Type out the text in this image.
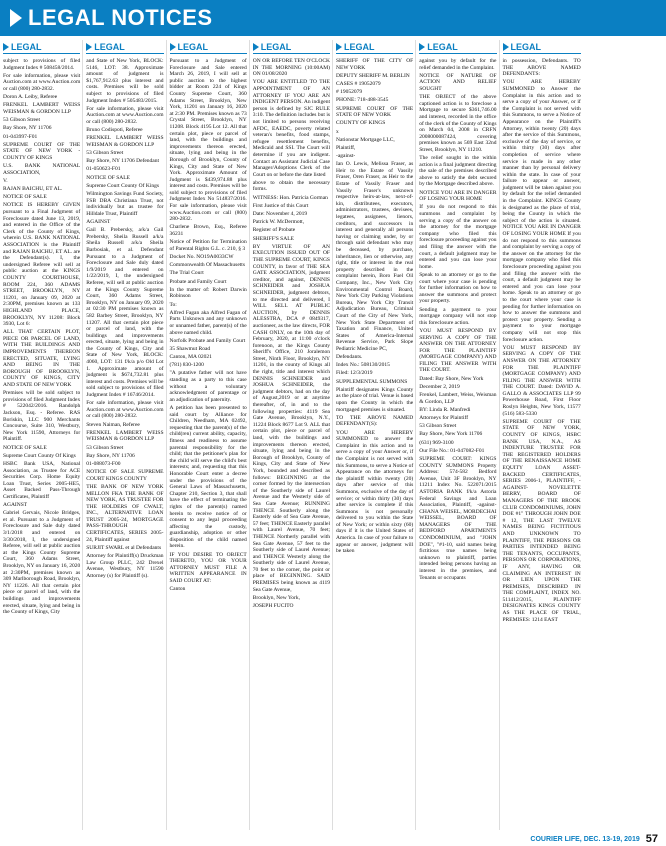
LEGAL NOTICES
LEGAL

subject to provisions of filed Judgment Index # 508458/2014.

For sale information, please visit Auction.com at www.Auction.com or call (800) 280-2832.

Doron A. Leiby, Referee

FRENKEL LAMBERT WEISS WEISMAN & GORDON LLP

53 Gibson Street

Bay Shore, NY 11706

01-043997-F01

SUPREME COURT OF THE STATE OF NEW YORK - COUNTY OF KINGS

U.S. BANK NATIONAL ASSOCIATION,

V.

RAJAN BAICHU, ET AL.

NOTICE OF SALE

NOTICE IS HEREBY GIVEN pursuant to a Final Judgment of Foreclosure dated June 13, 2019, and entered in the Office of the Clerk of the County of Kings, wherein U.S. BANK NATIONAL ASSOCIATION is the Plaintiff and RAJAN BAICHU, ET AL. are the Defendant(s). I, the undersigned Referee will sell at public auction at the KINGS COUNTY COURTHOUSE, ROOM 224, 360 ADAMS STREET, BROOKLYN, NY 11201, on January 09, 2020 at 2:30PM, premises known as 133 HIGHLAND PLACE, BROOKLYN, NY 11208: Block 3930, Lot 6:

ALL THAT CERTAIN PLOT, PIECE OR PARCEL OF LAND, WITH THE BUILDINGS AND IMPROVEMENTS THEREON ERECTED, SITUATE, LYING AND BEING IN THE BOROUGH OF BROOKLYN, COUNTY OF KINGS, CITY AND STATE OF NEW YORK

Premises will be sold subject to provisions of filed Judgment Index # 522042/2016. Randolph Jackson, Esq. - Referee. RAS Boriskin, LLC 900 Merchants Concourse, Suite 310, Westbury, New York 11590, Attorneys for Plaintiff.

NOTICE OF SALE

Supreme Court County Of Kings

HSBC Bank USA, National Association, as Trustee for ACE Securities Corp. Home Equity Loan Trust, Series 2005-HE5, Asset Backed Pass-Through Certificates, Plaintiff

AGAINST

Gabriel Gervais, Nicole Bridges, et al. Pursuant to a Judgment of Foreclosure and Sale duly dated 3/1/2018 and entered on 3/30/2018, I, the undersigned Referee, will sell at public auction at the Kings County Supreme Court, 360 Adams Street, Brooklyn, NY on January 16, 2020 at 2:30PM, premises known as 309 Marlborough Road, Brooklyn, NY 11226. All that certain plot piece or parcel of land, with the buildings and improvements erected, situate, lying and being in the County of Kings, City

LEGAL

and State of New York, BLOCK: 5146, LOT: 38. Approximate amount of judgment is $1,767,912.63 plus interest and costs. Premises will be sold subject to provisions of filed Judgment Index # 505483/2015.

For sale information, please visit Auction.com at www.Auction.com or call (800) 280-2832.

Bruno Codispoti, Referee

FRENKEL LAMBERT WEISS WEISMAN & GORDON LLP

53 Gibson Street

Bay Shore, NY 11706 Defendant

01-050623-F01

NOTICE OF SALE

Supreme Court County Of Kings

Wilmington Savings Fund Society, FSB DBA Christiana Trust, not individually but as trustee for Hilldale Trust, Plaintiff

AGAINST

Gail B. Prebersky, a/k/a Gail Prebersky, Sheila Russell a/k/a Sheila Russell a/k/a Sheila Barbosiak, et al. Defendant Pursuant to a Judgment of Foreclosure and Sale duly dated 1/9/2019 and entered on 1/22/2019, I, the undersigned Referee, will sell at public auction at the Kings County Supreme Court, 360 Adams Street, Brooklyn, NY on January 09, 2020 at 02:30 PM premises known as 582 Barbey Street, Brooklyn, NY 11207. All that certain plot piece or parcel of land, with the buildings and improvements erected, situate, lying and being in the County of Kings, City and State of New York, BLOCK: 4060, LOT: 131 f/k/a p/o Old Lot 1. Approximate amount of judgment is $674,732.81 plus interest and costs. Premises will be sold subject to provisions of filed Judgment Index # 16746/2014.

For sale information, please visit Auction.com at www.Auction.com or call (800) 280-2832.

Steven Naiman, Referee

FRENKEL LAMBERT WEISS WEISMAN & GORDON LLP

53 Gibson Street

Bay Shore, NY 11706

01-088073-F00

NOTICE OF SALE SUPREME COURT KINGS COUNTY

THE BANK OF NEW YORK MELLON FKA THE BANK OF NEW YORK, AS TRUSTEE FOR THE HOLDERS OF CWALT, INC., ALTERNATIVE LOAN TRUST 2005-24, MORTGAGE PASS-THROUGH CERTIFICATES, SERIES 2005-24, Plaintiff against

SURJIT SWARL et al Defendants

Attorney for Plaintiff(s) Druckman Law Group PLLC, 242 Drexel Avenue, Westbury, NY 11590 Attorney (s) for Plaintiff (s).

LEGAL

Pursuant to a Judgment of Foreclosure and Sale entered March 26, 2019, I will sell at public auction to the highest bidder at Room 224 of Kings County Supreme Court, 360 Adams Street, Brooklyn, New York, 11201 on January 16, 2020 at 2:30 PM. Premises known as 73 Crystal Street, Brooklyn, NY 11208. Block 4195 Lot 12. All that certain plot, piece or parcel of land, with the buildings and improvements thereon erected, situate, lying and being in the Borough of Brooklyn, County of Kings, City and State of New York. Approximate Amount of Judgment is $439,974.88 plus interest and costs. Premises will be sold subject to provisions of filed Judgment Index No 514837/2016. For sale information, please visit www.Auction.com or call (800) 280-2832.

Charlene Brown, Esq., Referee 36231

Notice of Petition for Termination of Parental Rights G.L. c. 210, § 3

Docket No. NO19A0033CW

Commonwealth Of Massachusetts

The Trial Court

Probate and Family Court

In the matter of: Robert Darwin Robinson

To:

Alfred Fagan aka Alfred Fagan of Parts Unknown and any unknown or unnamed father, parent(s) of the above named child.

Norfolk Probate and Family Court

35 Shawmut Road

Canton, MA 02021

(781) 830-1200

"A putative father will not have standing as a party to this case without a voluntary acknowledgment of parentage or an adjudication of paternity.

A petition has been presented to said court by Alliance for Children, Needham, MA 02492, requesting that the parent(s) of the child(ren) current ability, capacity, fitness and readiness to assume parental responsibility for the child; that the petitioner's plan for the child will serve the child's best interests; and, requesting that this Honorable Court enter a decree under the provisions of the General Laws of Massachusetts, Chapter 210, Section 3, that shall have the effect of terminating the rights of the parent(s) named herein to receive notice of or consent to any legal proceeding affecting the custody, guardianship, adoption or other disposition of the child named herein.

IF YOU DESIRE TO OBJECT THERETO, YOU OR YOUR ATTORNEY MUST FILE A WRITTEN APPEARANCE IN SAID COURT AT:

Canton

LEGAL

ON OR BEFORE TEN O'CLOCK IN THE MORNING (10:00AM) ON 01/08/2020

YOU ARE ENTITLED TO THE APPOINTMENT OF AN ATTORNEY IF YOU ARE AN INDIGENT PERSON. An indigent person is defined by SJC RULE 3:10. The definition includes but is not limited to persons receiving AFDC, EAEDC, poverty related veteran's benefits, food stamps, refugee resettlement benefits, Medicaid and SSI. The Court will determine if you are indigent. Contact an Assistant Judicial Case Manager/Adoptions Clerk of the Court on or before the date listed

above to obtain the necessary forms.

WITNESS: Hon. Patricia Gorman

First Justice of this Court

Date: November 4, 2019

Patrick W. McDermott,

Register of Probate

SHERIFF'S SALE

BY VIRTUE OF AN EXECUTION ISSUED OUT OF THE SUPREME COURT, KINGS COUNTY, in favor of THE SEA GATE ASSOCIATION, judgment creditor, and against, DENNIS SCHNEIDER and JOSHUA SCHNEIDER, judgment debtors, to me directed and delivered, I WILL SELL AT PUBLIC AUCTION, by DENNIS ALESSTRA, DCA # 0849317, auctioneer, as the law directs, FOR CASH ONLY, on the 10th day of February, 2020, at 11:00 o'clock forenoon, at the Kings County Sheriff's Office, 210 Joralemon Street, Ninth Floor, Brooklyn, NY 11201, in the county of Kings all the right, title and interest which DENNIS SCHNEIDER and JOSHUA SCHNEIDER, the judgment debtors, had on the day of August,2019 or at anytime thereafter, of, in and to the following properties: 4119 Sea Gate Avenue, Brooklyn, N.Y., 11224 Block 8677 Lot 9. ALL that certain plot, piece or parcel of land, with the buildings and improvements thereon erected, situate, lying and being in the Borough of Brooklyn, County of Kings, City and State of New York, bounded and described as follows: BEGINNING at the corner formed by the intersection of the Southerly side of Laurel Avenue and the Westerly side of Sea Gate Avenue; RUNNING THENCE Southerly along the Easterly side of Sea Gate Avenue, 57 feet; THENCE Easterly parallel with Laurel Avenue, 70 feet; THENCE Northerly parallel with Sea Gate Avenue, 57 feet to the Southerly side of Laurel Avenue; and THENCE Westerly along the Southerly side of Laurel Avenue, 70 feet to the corner, the point or place of BEGINNING. SAID PREMISES being known as 4119 Sea Gate Avenue,

Brooklyn, New York,

JOSEPH FUCITO

LEGAL

SHERIFF OF THE CITY OF NEW YORK

DEPUTY SHERIFF M. BERLIN

CASES # 19052079

# 19052079

PHONE: 718-488-3545

SUPREME COURT OF THE STATE OF NEW YORK

COUNTY OF KINGS

x

Nationstar Mortgage LLC,

Plaintiff,

-against-

Ian O. Lewis, Melissa Fraser, as Heir to the Estate of Vassily Fraser, Oren Fraser, as Heir to the Estate of Vassily Fraser and Vassily Fraser's unknown respective heirs-at-law, next-of-kin, distributees, executors, administrators, trustees, devisees, legatees, assignees, lienors, creditors, and successors in interest and generally all persons having or claiming under, by or through said defendant who may be deceased, by purchase, inheritance, lien or otherwise, any right, title or interest in the real property described in the complaint herein, Boro Fuel Oil Company, Inc., New York City Environmental Control Board, New York City Parking Violations Bureau, New York City Transit Adjudication Bureau, Criminal Court of the City of New York, New York State Department of Taxation and Finance, United States of America-Internal Revenue Service, Park Slope Pediatric Medicine PC,

Defendants.

Index No.: 508130/2015

Filed: 12/3/2019

SUPPLEMENTAL SUMMONS

Plaintiff designates Kings County as the place of trial. Venue is based upon the County in which the mortgaged premises is situated.

TO THE ABOVE NAMED DEFENDANT(S):

YOU ARE HEREBY SUMMONED to answer the Complaint in this action and to serve a copy of your Answer or, if the Complaint is not served with this Summons, to serve a Notice of Appearance on the attorneys for the plaintiff within twenty (20) days after service of this Summons, exclusive of the day of service; or within thirty (30) days after service is complete if this Summons is not personally delivered to you within the State of New York; or within sixty (60) days if it is the United States of America. In case of your failure to appear or answer, judgment will be taken

LEGAL

against you by default for the relief demanded in the Complaint.

NOTICE OF NATURE OF ACTION AND RELIEF SOUGHT

THE OBJECT of the above captioned action is to foreclose a Mortgage to secure $361,746.00 and interest, recorded in the office of the clerk of the County of Kings on March 04, 2008 in CRFN 2008000087424, covering premises known as 569 East 32nd Street, Brooklyn, NY 11210.

The relief sought in the within action is a final judgment directing the sale of the premises described above to satisfy the debt secured by the Mortgage described above.

NOTICE YOU ARE IN DANGER OF LOSING YOUR HOME

If you do not respond to this summons and complaint by serving a copy of the answer on the attorney for the mortgage company who filed this foreclosure proceeding against you and filing the answer with the court, a default judgment may be entered and you can lose your home.

Speak to an attorney or go to the court where your case is pending for further information on how to answer the summons and protect your property.

Sending a payment to your mortgage company will not stop this foreclosure action.

YOU MUST RESPOND BY SERVING A COPY OF THE ANSWER ON THE ATTORNEY FOR THE PLAINTIFF (MORTGAGE COMPANY) AND FILING THE ANSWER WITH THE COURT.

Dated: Bay Shore, New York

December 2, 2019

Frenkel, Lambert, Weiss, Weisman & Gordon, LLP

BY: Linda R. Manfredi

Attorneys for Plaintiff

53 Gibson Street

Bay Shore, New York 11706

(631) 969-3100

Our File No.: 01-047082-F01

SUPREME COURT: KINGS COUNTY SUMMONS Property Address: 574-582 Bedford Avenue, Unit 3F Brooklyn, NY 11211 Index No. 522071/2015 ASTORIA BANK f/k/a Astoria Federal Savings and Loan Association, Plaintiff, -against- CHANA WEISEL, MORDECHAI WEISSEL, BOARD OF MANAGERS OF THE BEDFORD APARTMENTS CONDOMINIUM, and "JOHN DOE", "#1-10, said names being fictitious true names being unknown to plaintiff, parties intended being persons having an interest in the premises, and Tenants or occupants

LEGAL

in possession, Defendants. TO THE ABOVE NAMED DEFENDANTS:

YOU ARE HEREBY SUMMONED to Answer the Complaint in this action and to serve a copy of your Answer, or if the Complaint is not served with this Summons, to serve a Notice of Appearance on the Plaintiff's Attorney, within twenty (20) days after the service of this Summons, exclusive of the day of service, or within thirty (30) days after completion of service where service is made in any other manner than by personal delivery within the state. In case of your failure to appear or answer, judgment will be taken against you by default for the relief demanded in the Complaint. KINGS County is designated as the place of trial, being the County in which the subject of the action is situated. NOTICE YOU ARE IN DANGER OF LOSING YOUR HOME If you do not respond to this summons and complaint by serving a copy of the answer on the attorney for the mortgage company who filed this foreclosure proceeding against you and filing the answer with the court, a default judgment may be entered and you can lose your home. Speak to an attorney or go to the court where your case is pending for further information on how to answer the summons and protect your property. Sending a payment to your mortgage company will not stop this foreclosure action.

YOU MUST RESPOND BY SERVING A COPY OF THE ANSWER ON THE ATTORNEY FOR THE PLAINTIFF (MORTGAGE COMPANY) AND FILING THE ANSWER WITH THE COURT. Dated: DAVID A. GALLO & ASSOCIATES LLP 99 Powerhouse Road, First Floor Roslyn Heights, New York, 11577 (516) 583-5330

SUPREME COURT OF THE STATE OF NEW YORK, COUNTY OF KINGS, HSBC BANK USA, N.A., AS INDENTURE TRUSTEE FOR THE REGISTERED HOLDERS OF THE RENAISSANCE HOME EQUITY LOAN ASSET-BACKED CERTIFICATES, SERIES 2006-1, PLAINTIFF, -AGAINST- NOVELETTE BERRY, BOARD OF MANAGERS OF THE BROOK CLUB CONDOMINIUMS, JOHN DOE #1" THROUGH JOHN DOE # 12, THE LAST TWELVE NAMES BEING FICTITIOUS AND UNKNOWN TO PLAINTIFF, THE PERSONS OR PARTIES INTENDED BEING THE TENANTS, OCCUPANTS, PERSONS OR CORPORATIONS, IF ANY, HAVING OR CLAIMING AN INTEREST IN OR LIEN UPON THE PREMISES, DESCRIBED IN THE COMPLAINT, INDEX NO. 511412/2015, PLAINTIFF DESIGNATES KINGS COUNTY AS THE PLACE OF TRIAL, PREMISES: 1214 EAST

COURIER LIFE, DEC. 13-19, 2019 57
